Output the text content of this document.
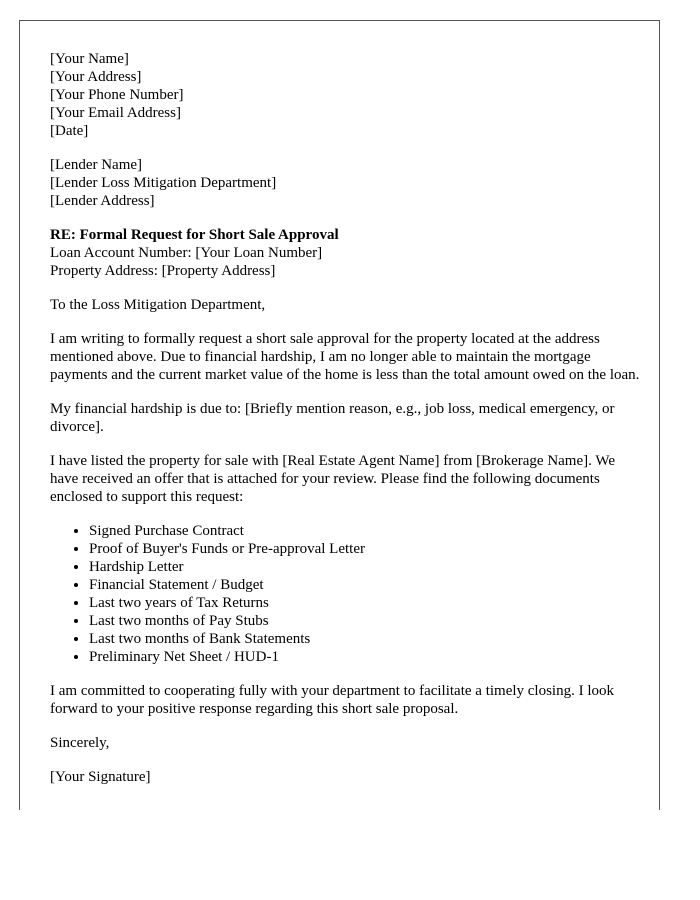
[Your Name]
[Your Address]
[Your Phone Number]
[Your Email Address]
[Date]
[Lender Name]
[Lender Loss Mitigation Department]
[Lender Address]
RE: Formal Request for Short Sale Approval
Loan Account Number: [Your Loan Number]
Property Address: [Property Address]

To the Loss Mitigation Department,

I am writing to formally request a short sale approval for the property located at the address mentioned above. Due to financial hardship, I am no longer able to maintain the mortgage payments and the current market value of the home is less than the total amount owed on the loan.

My financial hardship is due to: [Briefly mention reason, e.g., job loss, medical emergency, or divorce].

I have listed the property for sale with [Real Estate Agent Name] from [Brokerage Name]. We have received an offer that is attached for your review. Please find the following documents enclosed to support this request:

• Signed Purchase Contract
• Proof of Buyer's Funds or Pre-approval Letter
• Hardship Letter
• Financial Statement / Budget
• Last two years of Tax Returns
• Last two months of Pay Stubs
• Last two months of Bank Statements
• Preliminary Net Sheet / HUD-1

I am committed to cooperating fully with your department to facilitate a timely closing. I look forward to your positive response regarding this short sale proposal.

Sincerely,

[Your Signature]
